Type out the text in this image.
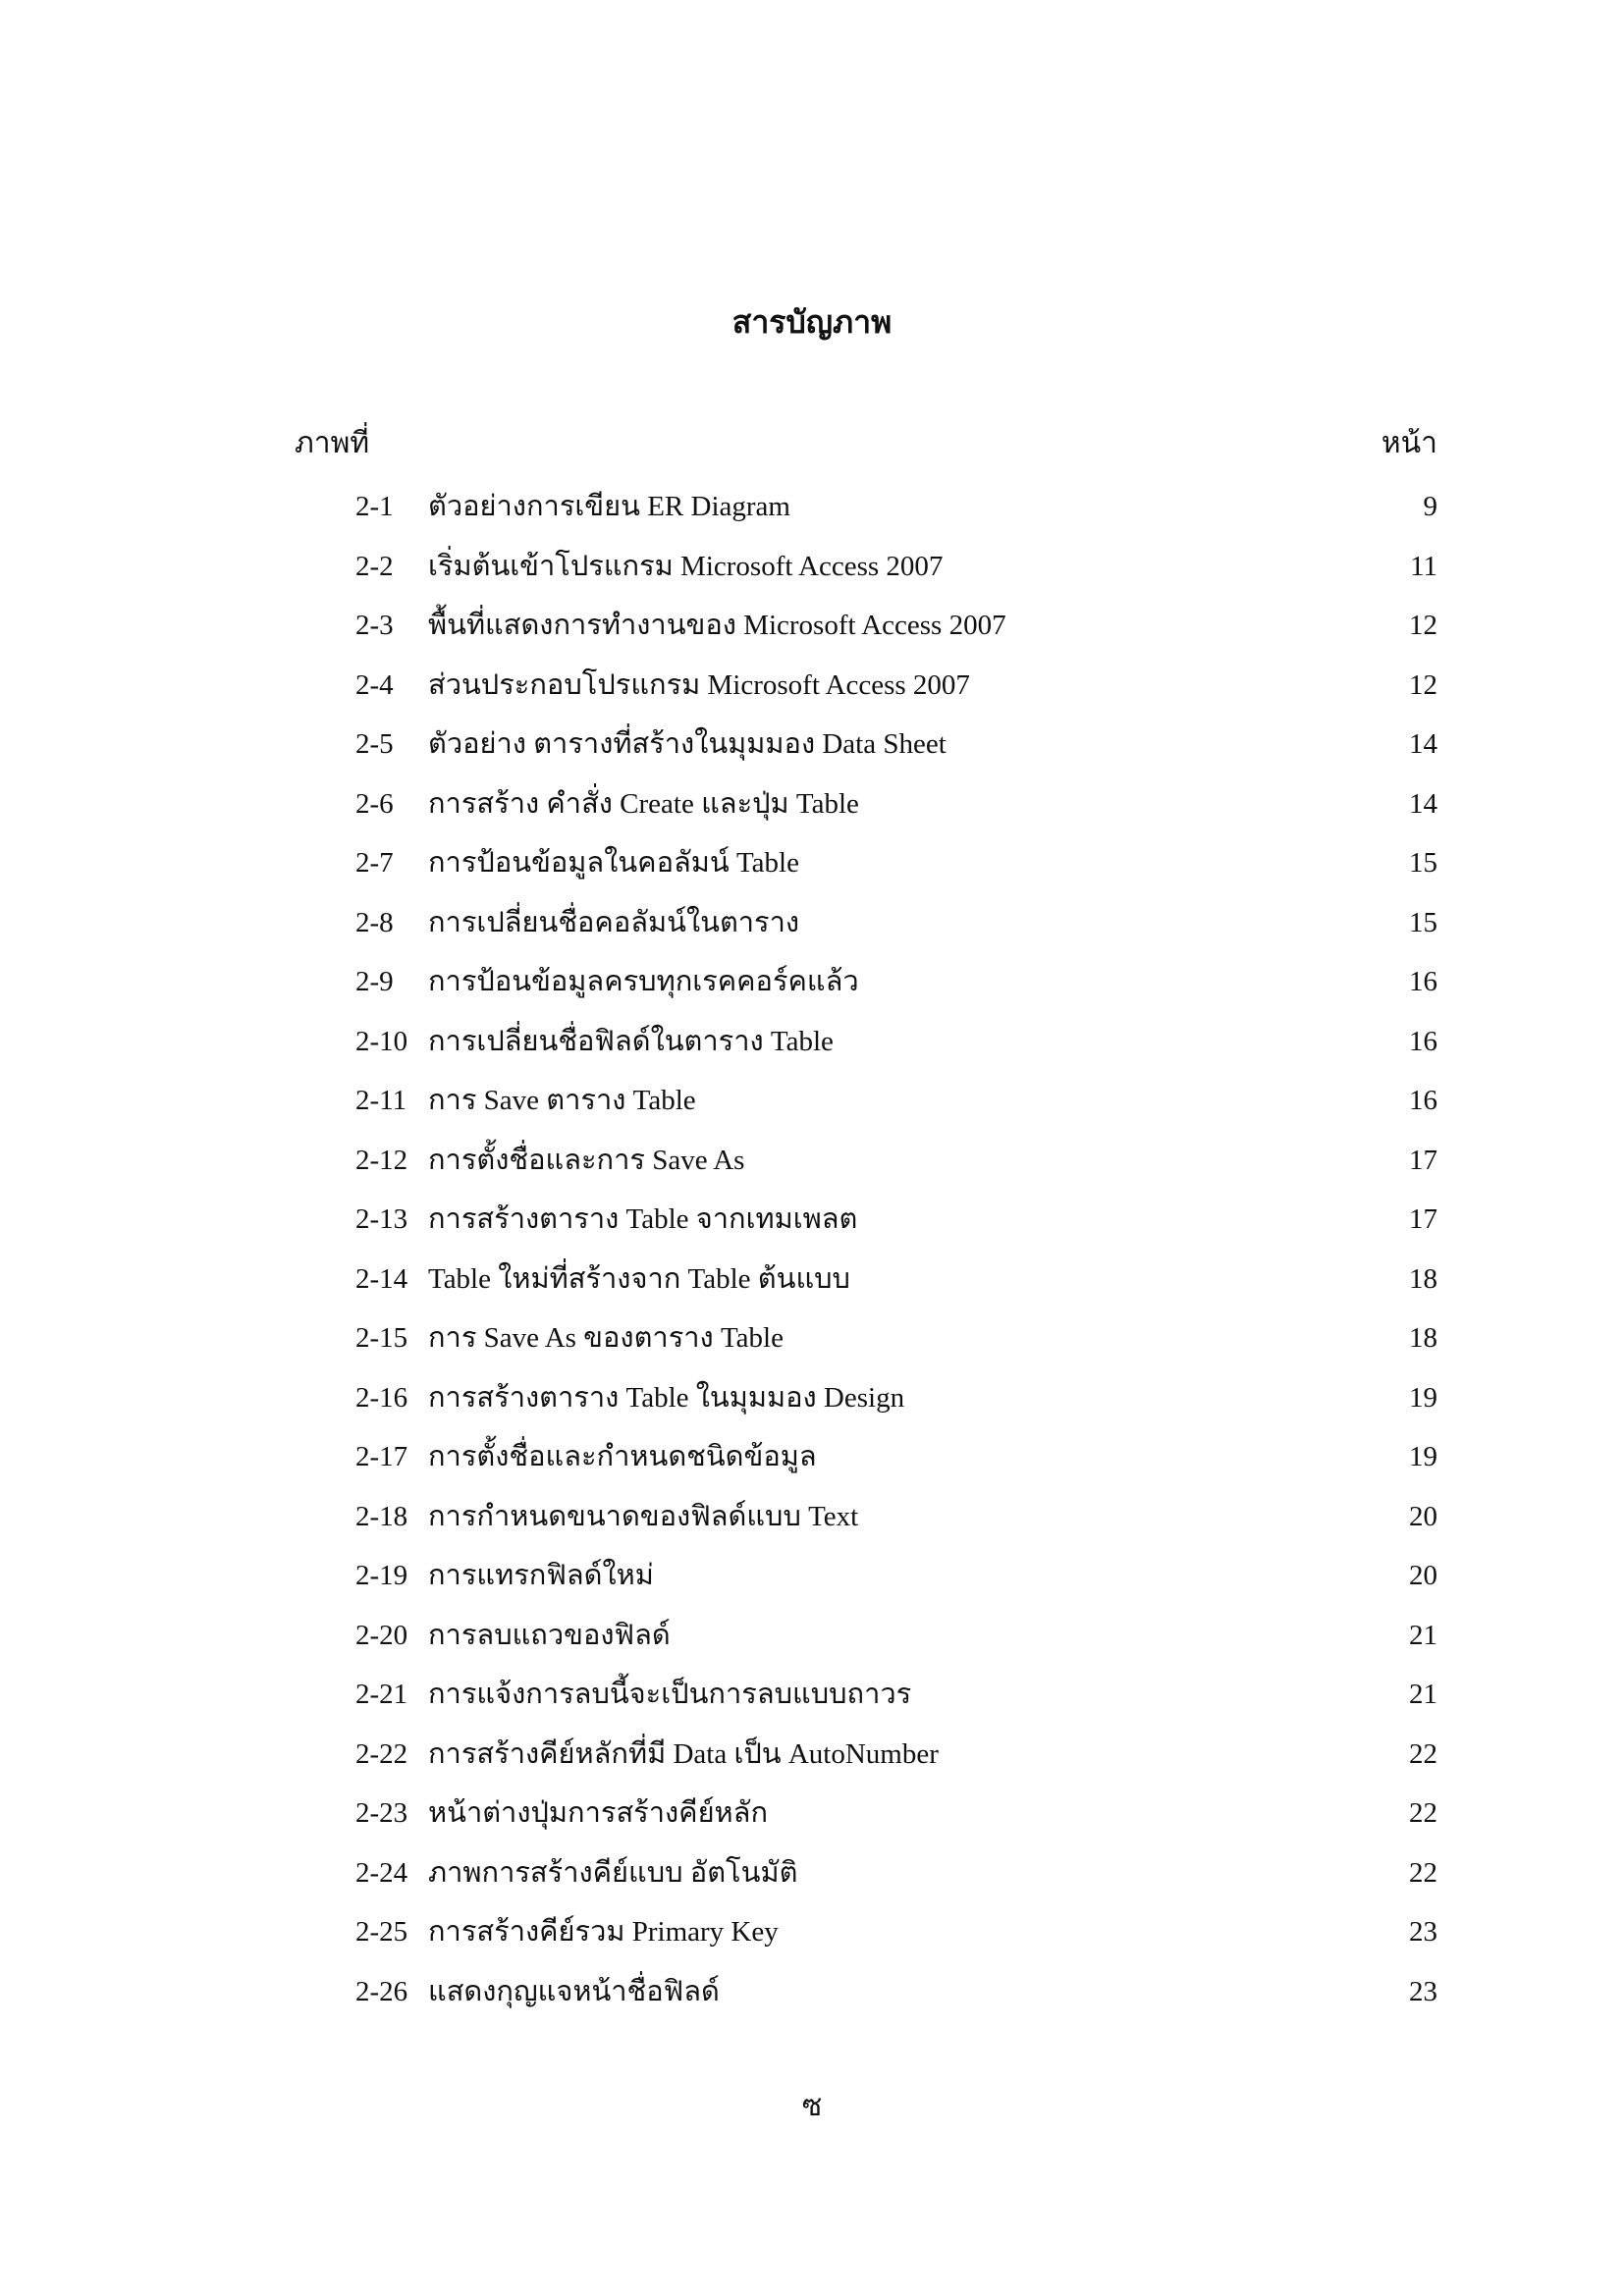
สารบัญภาพ
ภาพที่	หน้า
2-1 ตัวอย่างการเขียน ER Diagram	9
2-2 เริ่มต้นเข้าโปรแกรม Microsoft Access 2007	11
2-3 พื้นที่แสดงการทำงานของ Microsoft Access 2007	12
2-4 ส่วนประกอบโปรแกรม Microsoft Access 2007	12
2-5 ตัวอย่าง ตารางที่สร้างในมุมมอง Data Sheet	14
2-6 การสร้าง คำสั่ง Create และปุ่ม Table	14
2-7 การป้อนข้อมูลในคอลัมน์ Table	15
2-8 การเปลี่ยนชื่อคอลัมน์ในตาราง	15
2-9 การป้อนข้อมูลครบทุกเรคคอร์คแล้ว	16
2-10 การเปลี่ยนชื่อฟิลด์ในตาราง Table	16
2-11 การ Save ตาราง Table	16
2-12 การตั้งชื่อและการ Save As	17
2-13 การสร้างตาราง Table จากเทมเพลต	17
2-14 Table ใหม่ที่สร้างจาก Table ต้นแบบ	18
2-15 การ Save As ของตาราง Table	18
2-16 การสร้างตาราง Table ในมุมมอง Design	19
2-17 การตั้งชื่อและกำหนดชนิดข้อมูล	19
2-18 การกำหนดขนาดของฟิลด์แบบ Text	20
2-19 การแทรกฟิลด์ใหม่	20
2-20 การลบแถวของฟิลด์	21
2-21 การแจ้งการลบนี้จะเป็นการลบแบบถาวร	21
2-22 การสร้างคีย์หลักที่มี Data เป็น AutoNumber	22
2-23 หน้าต่างปุ่มการสร้างคีย์หลัก	22
2-24 ภาพการสร้างคีย์แบบ อัตโนมัติ	22
2-25 การสร้างคีย์รวม Primary Key	23
2-26 แสดงกุญแจหน้าชื่อฟิลด์	23
ซ
